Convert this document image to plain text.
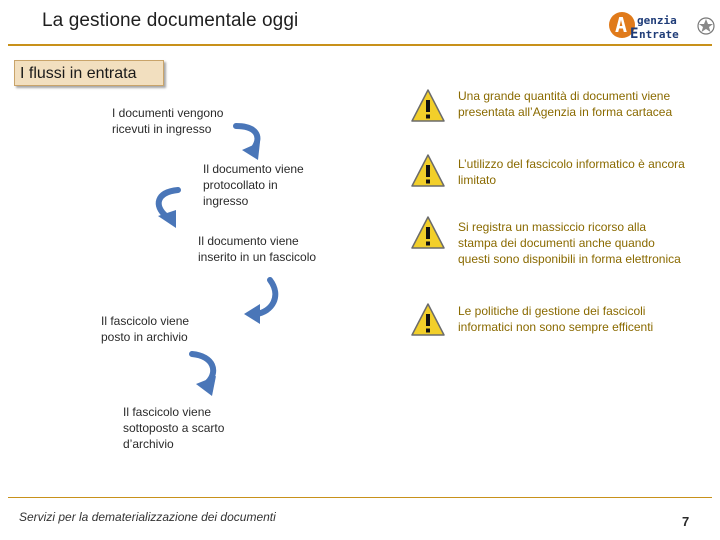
La gestione documentale oggi	A genzia
E ntrate
I flussi in entrata
I documenti vengono
ricevuti in ingresso
Il documento viene
protocollato in
ingresso
Il documento viene
inserito in un fascicolo
Il fascicolo viene
posto in archivio
Il fascicolo viene
sottoposto a scarto
d’archivio
Una grande quantità di documenti viene presentata all’Agenzia in forma cartacea
L’utilizzo del fascicolo informatico è ancora limitato
Si registra un massiccio ricorso alla stampa dei documenti anche quando questi sono disponibili in forma elettronica
Le politiche di gestione dei fascicoli informatici non sono sempre efficenti
Servizi per la dematerializzazione dei documenti	7
